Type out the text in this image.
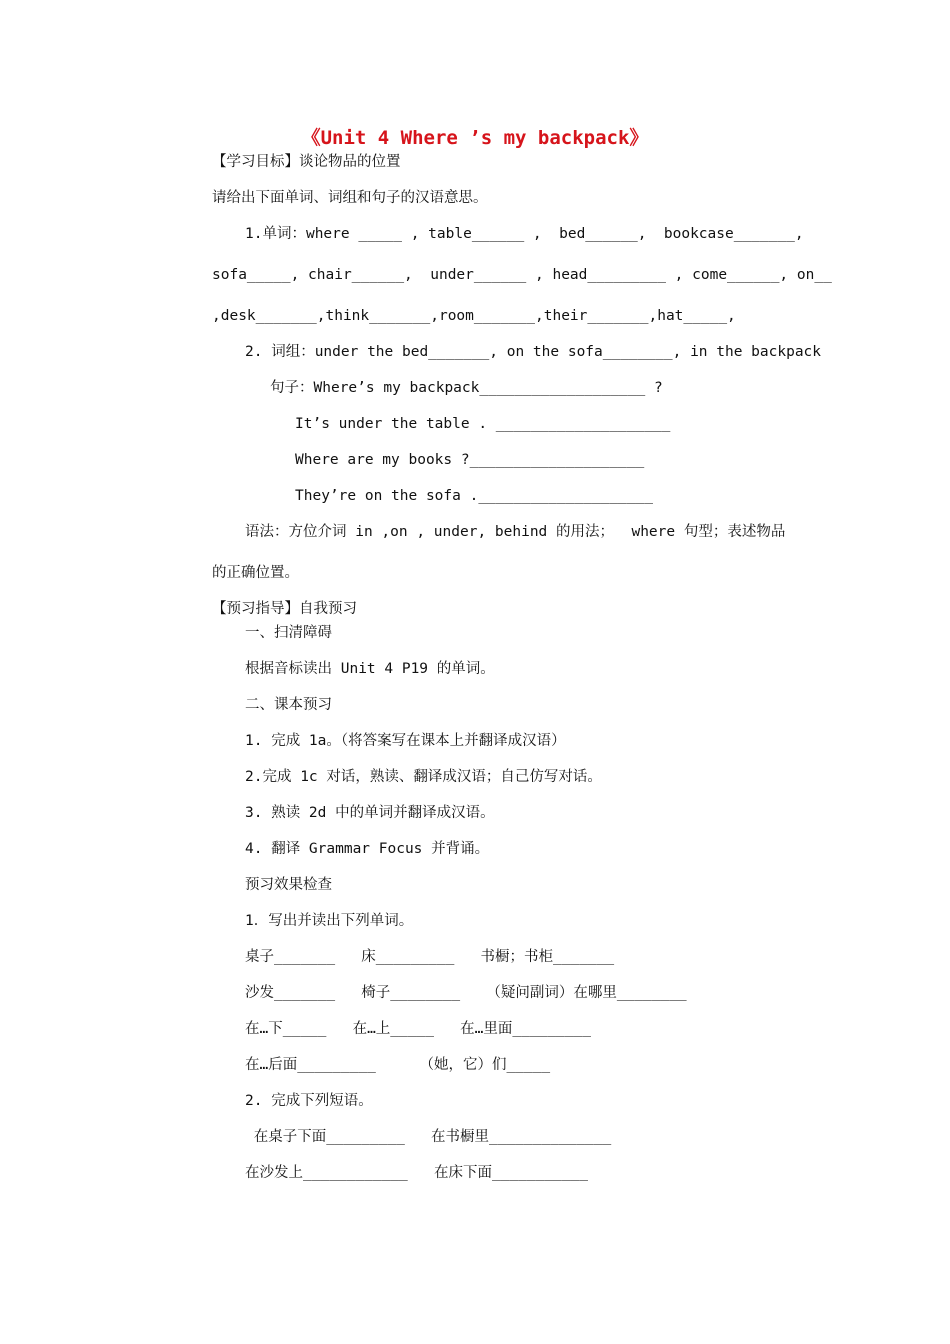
《Unit 4 Where ’s my backpack》
【学习目标】谈论物品的位置
请给出下面单词、词组和句子的汉语意思。
1.单词：where _____ , table______ ,  bed______,  bookcase_______,
sofa_____, chair______,  under______ , head_________ , come______, on__
,desk_______,think_______,room_______,their_______,hat_____,
2. 词组：under the bed_______, on the sofa________, in the backpack
句子：Where’s my backpack___________________ ?
It’s under the table . ____________________
Where are my books ?____________________
They’re on the sofa .____________________
语法：方位介词 in ,on , under, behind 的用法；  where 句型；表述物品
的正确位置。
【预习指导】自我预习
一、扫清障碍
根据音标读出 Unit 4 P19 的单词。
二、课本预习
1. 完成 1a。（将答案写在课本上并翻译成汉语）
2.完成 1c 对话，熟读、翻译成汉语；自己仿写对话。
3. 熟读 2d 中的单词并翻译成汉语。
4. 翻译 Grammar Focus 并背诵。
预习效果检查
1．写出并读出下列单词。
桌子_______   床_________   书橱；书柜_______
沙发_______   椅子________   （疑问副词）在哪里________
在…下_____   在…上_____   在…里面_________
在…后面_________     （她，它）们_____
2. 完成下列短语。
在桌子下面_________   在书橱里______________
在沙发上____________   在床下面___________
